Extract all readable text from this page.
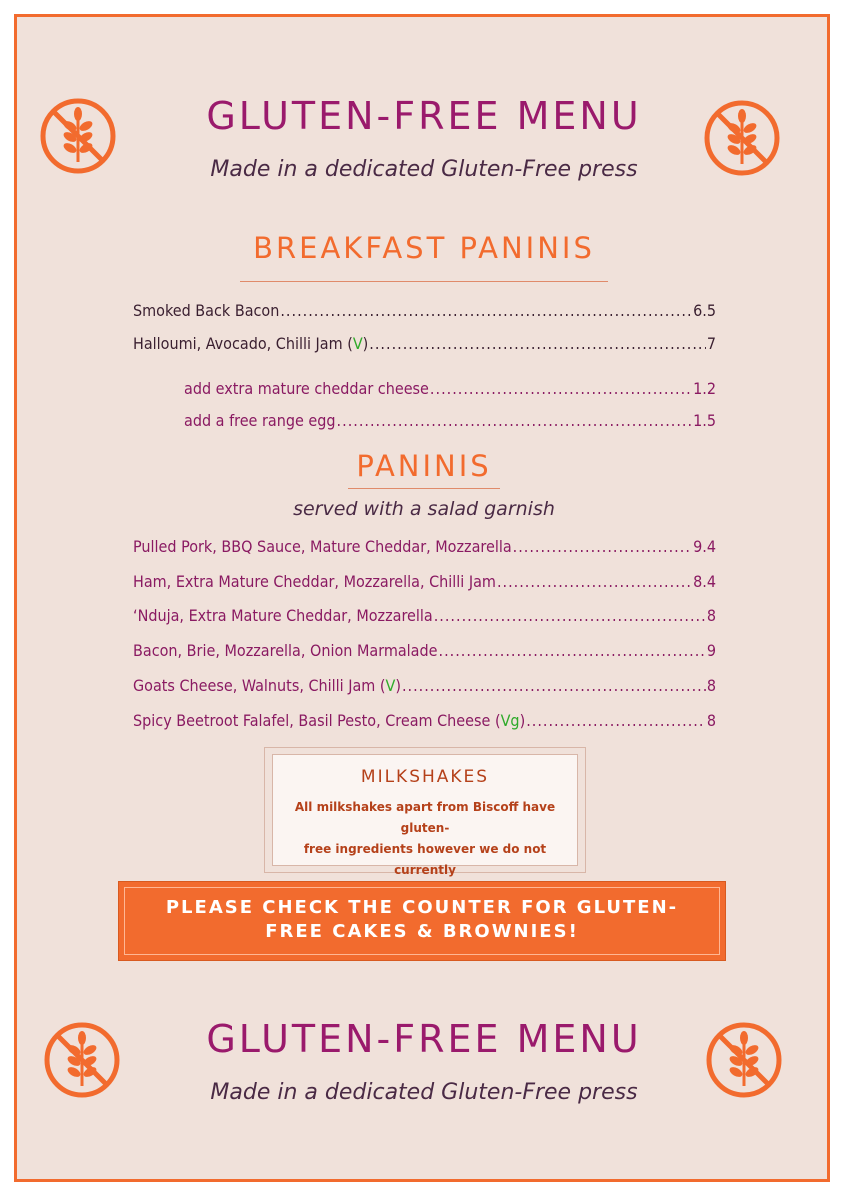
GLUTEN-FREE MENU
Made in a dedicated Gluten-Free press
BREAKFAST PANINIS
Smoked Back Bacon .....	6.5
Halloumi, Avocado, Chilli Jam (V) .....	7
add extra mature cheddar cheese .....	1.2
add a free range egg .....	1.5
PANINIS
served with a salad garnish
Pulled Pork, BBQ Sauce, Mature Cheddar, Mozzarella .....	9.4
Ham, Extra Mature Cheddar, Mozzarella, Chilli Jam .....	8.4
‘Nduja, Extra Mature Cheddar, Mozzarella .....	8
Bacon, Brie, Mozzarella, Onion Marmalade .....	9
Goats Cheese, Walnuts, Chilli Jam (V) .....	8
Spicy Beetroot Falafel, Basil Pesto, Cream Cheese (Vg) .....	8
MILKSHAKES
All milkshakes apart from Biscoff have gluten-
free ingredients however we do not currently
PLEASE CHECK THE COUNTER FOR GLUTEN-
FREE CAKES & BROWNIES!
GLUTEN-FREE MENU
Made in a dedicated Gluten-Free press
